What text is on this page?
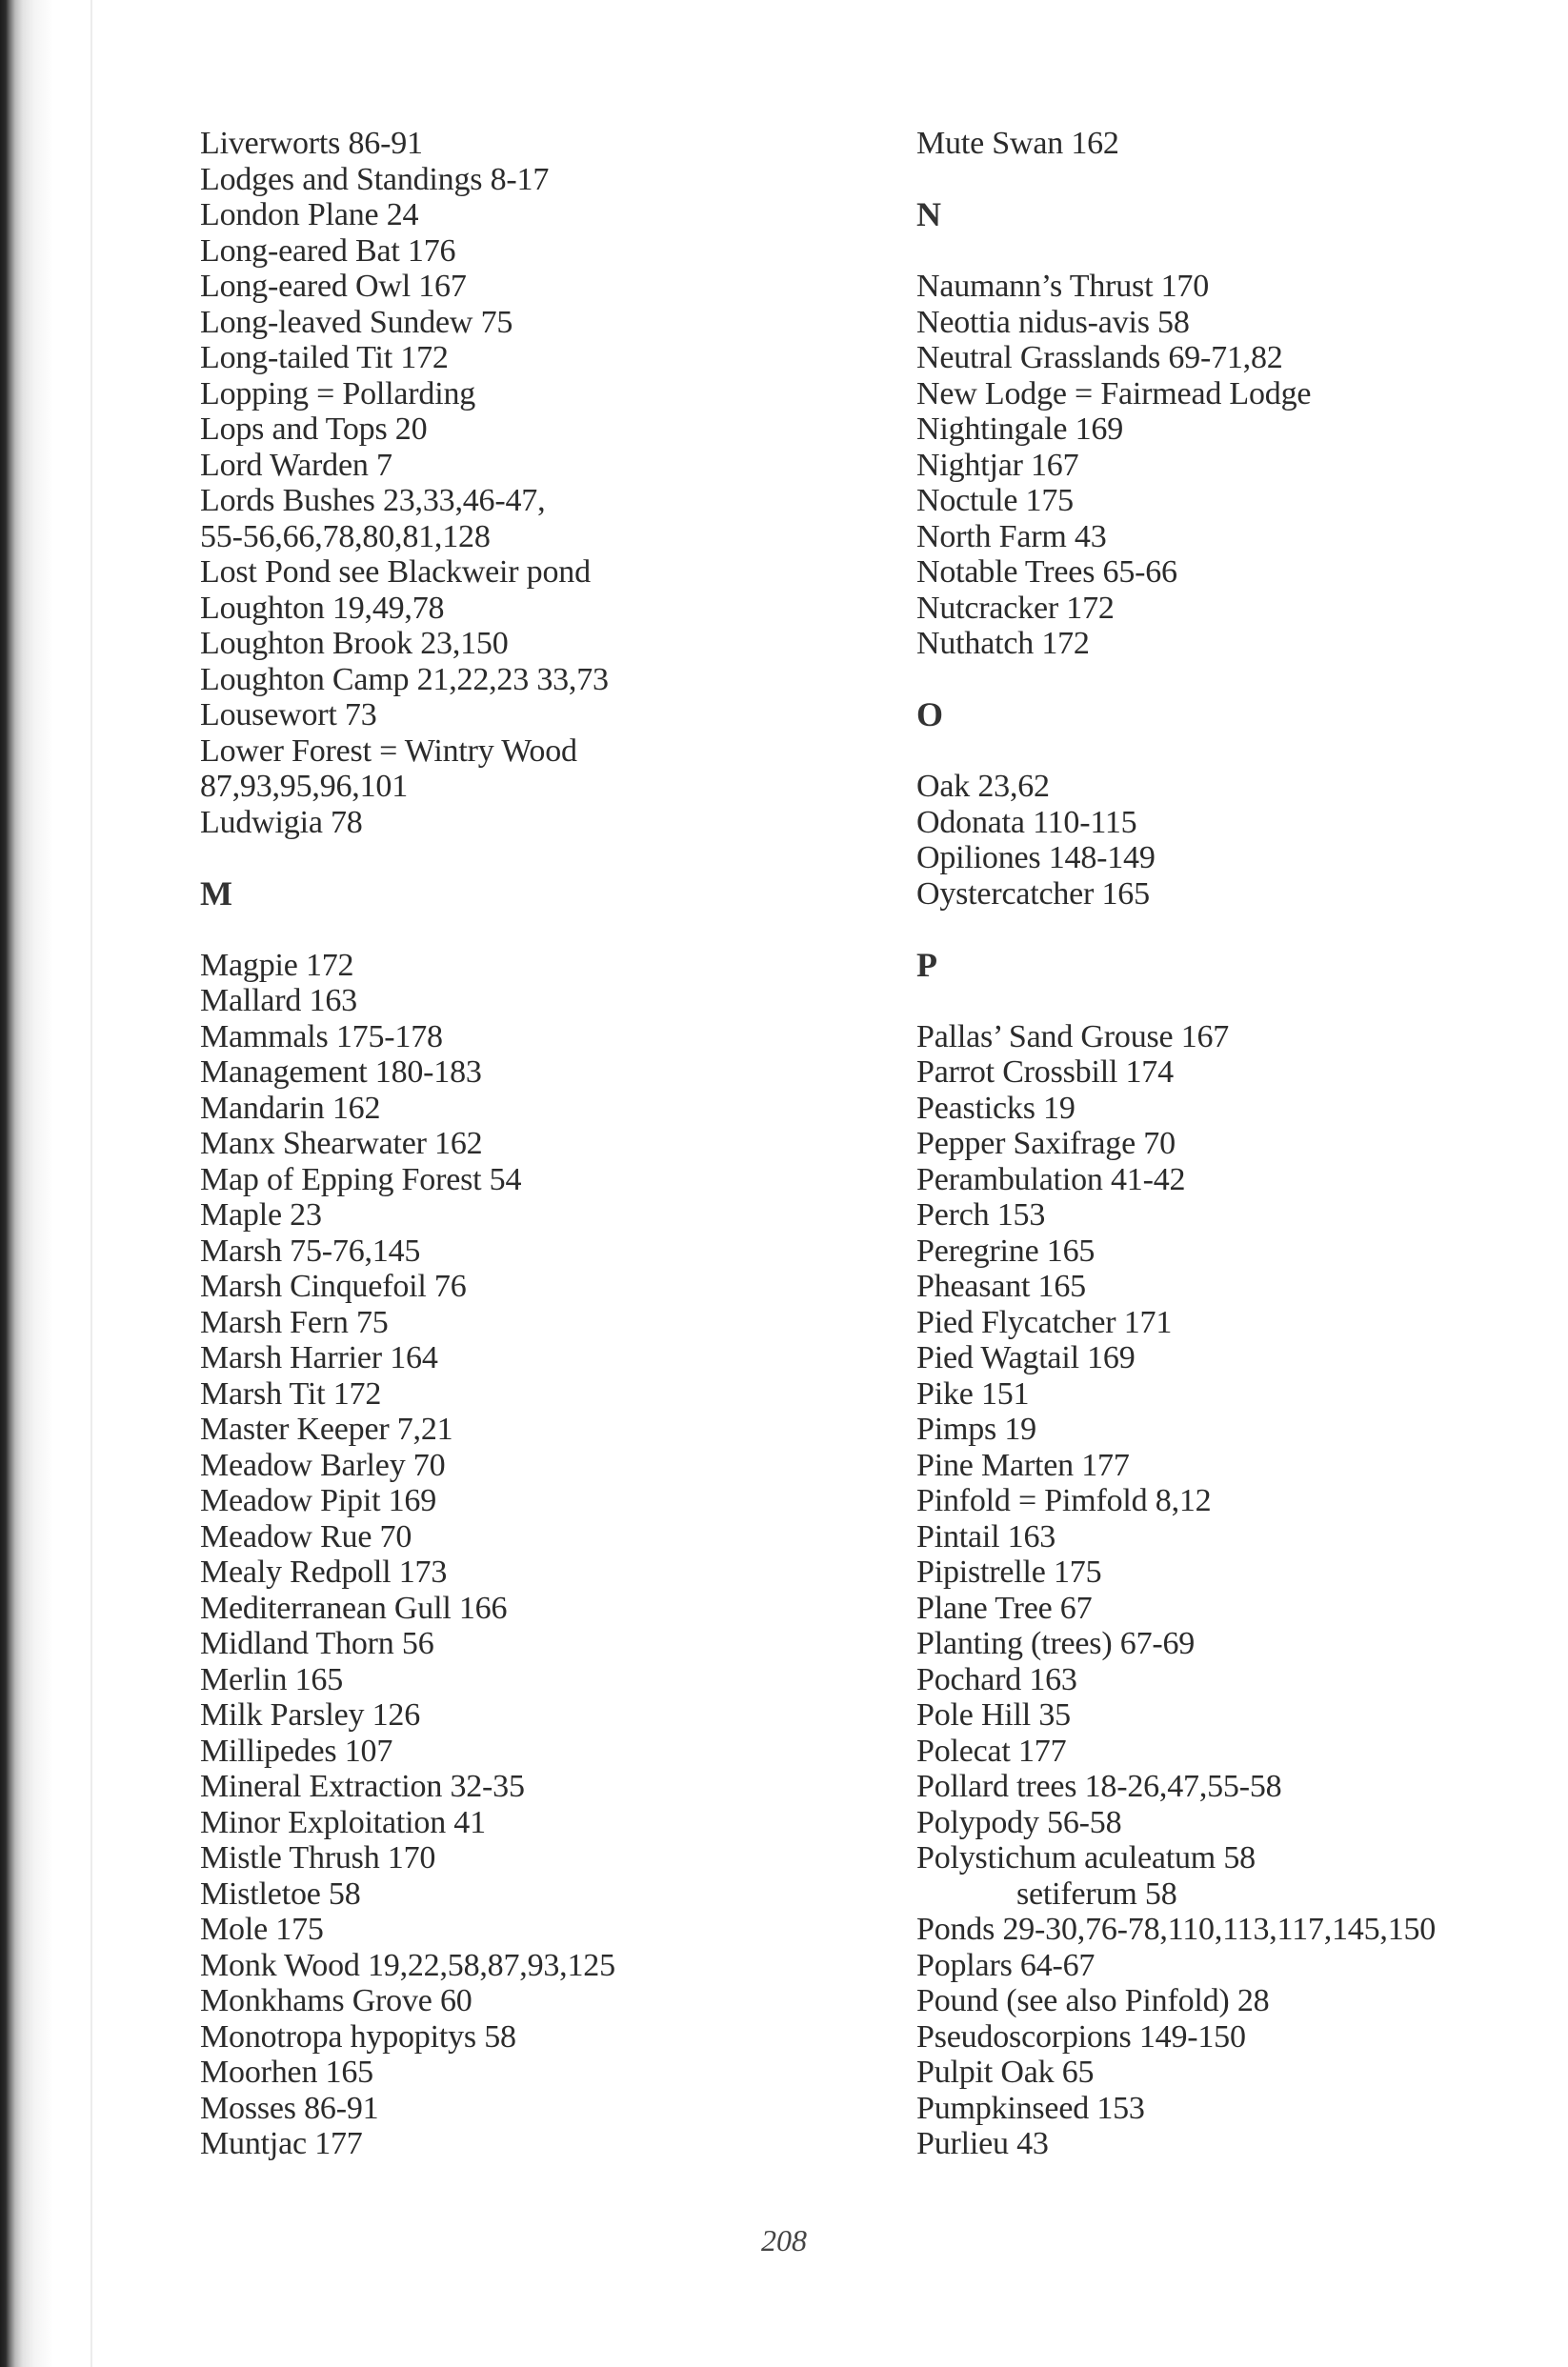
Liverworts 86-91
Lodges and Standings 8-17
London Plane 24
Long-eared Bat 176
Long-eared Owl 167
Long-leaved Sundew 75
Long-tailed Tit 172
Lopping = Pollarding
Lops and Tops 20
Lord Warden 7
Lords Bushes 23,33,46-47,
55-56,66,78,80,81,128
Lost Pond see Blackweir pond
Loughton 19,49,78
Loughton Brook 23,150
Loughton Camp 21,22,23 33,73
Lousewort 73
Lower Forest = Wintry Wood
87,93,95,96,101
Ludwigia 78
M
Magpie 172
Mallard 163
Mammals 175-178
Management 180-183
Mandarin 162
Manx Shearwater 162
Map of Epping Forest 54
Maple 23
Marsh 75-76,145
Marsh Cinquefoil 76
Marsh Fern 75
Marsh Harrier 164
Marsh Tit 172
Master Keeper 7,21
Meadow Barley 70
Meadow Pipit 169
Meadow Rue 70
Mealy Redpoll 173
Mediterranean Gull 166
Midland Thorn 56
Merlin 165
Milk Parsley 126
Millipedes 107
Mineral Extraction 32-35
Minor Exploitation 41
Mistle Thrush 170
Mistletoe 58
Mole 175
Monk Wood 19,22,58,87,93,125
Monkhams Grove 60
Monotropa hypopitys 58
Moorhen 165
Mosses 86-91
Muntjac 177
Mute Swan 162
N
Naumann’s Thrust 170
Neottia nidus-avis 58
Neutral Grasslands 69-71,82
New Lodge = Fairmead Lodge
Nightingale 169
Nightjar 167
Noctule 175
North Farm 43
Notable Trees 65-66
Nutcracker 172
Nuthatch 172
O
Oak 23,62
Odonata 110-115
Opiliones 148-149
Oystercatcher 165
P
Pallas’ Sand Grouse 167
Parrot Crossbill 174
Peasticks 19
Pepper Saxifrage 70
Perambulation 41-42
Perch 153
Peregrine 165
Pheasant 165
Pied Flycatcher 171
Pied Wagtail 169
Pike 151
Pimps 19
Pine Marten 177
Pinfold = Pimfold 8,12
Pintail 163
Pipistrelle 175
Plane Tree 67
Planting (trees) 67-69
Pochard 163
Pole Hill 35
Polecat 177
Pollard trees 18-26,47,55-58
Polypody 56-58
Polystichum aculeatum 58
setiferum 58
Ponds 29-30,76-78,110,113,117,145,150
Poplars 64-67
Pound (see also Pinfold) 28
Pseudoscorpions 149-150
Pulpit Oak 65
Pumpkinseed 153
Purlieu 43
208
